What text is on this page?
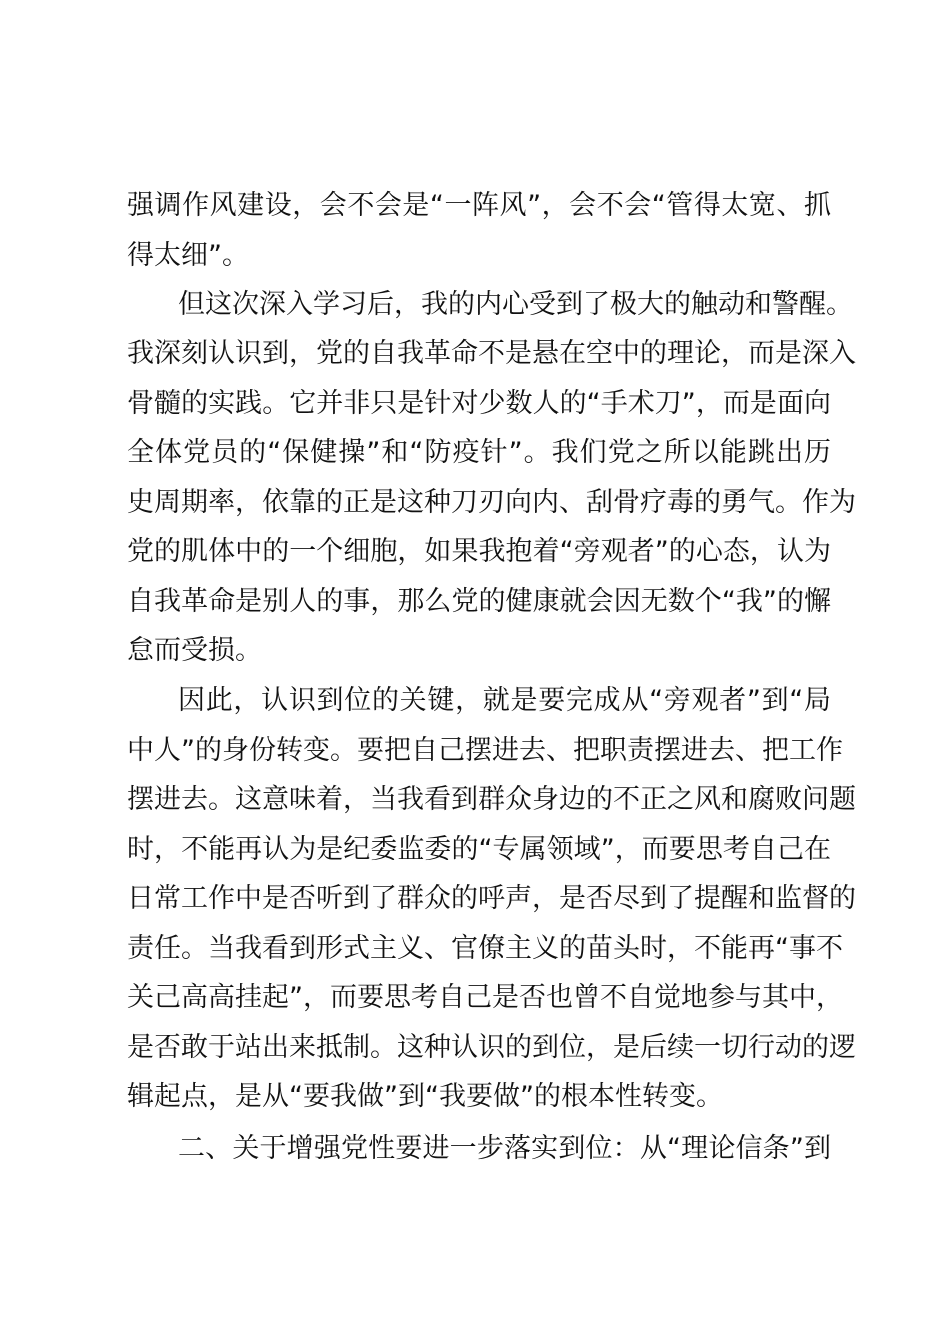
强调作风建设，会不会是“一阵风”，会不会“管得太宽、抓
得太细”。
但这次深入学习后，我的内心受到了极大的触动和警醒。
我深刻认识到，党的自我革命不是悬在空中的理论，而是深入
骨髓的实践。它并非只是针对少数人的“手术刀”，而是面向
全体党员的“保健操”和“防疫针”。我们党之所以能跳出历
史周期率，依靠的正是这种刀刃向内、刮骨疗毒的勇气。作为
党的肌体中的一个细胞，如果我抱着“旁观者”的心态，认为
自我革命是别人的事，那么党的健康就会因无数个“我”的懈
怠而受损。
因此，认识到位的关键，就是要完成从“旁观者”到“局
中人”的身份转变。要把自己摆进去、把职责摆进去、把工作
摆进去。这意味着，当我看到群众身边的不正之风和腐败问题
时，不能再认为是纪委监委的“专属领域”，而要思考自己在
日常工作中是否听到了群众的呼声，是否尽到了提醒和监督的
责任。当我看到形式主义、官僚主义的苗头时，不能再“事不
关己高高挂起”，而要思考自己是否也曾不自觉地参与其中，
是否敢于站出来抵制。这种认识的到位，是后续一切行动的逻
辑起点，是从“要我做”到“我要做”的根本性转变。
二、关于增强党性要进一步落实到位：从“理论信条”到
